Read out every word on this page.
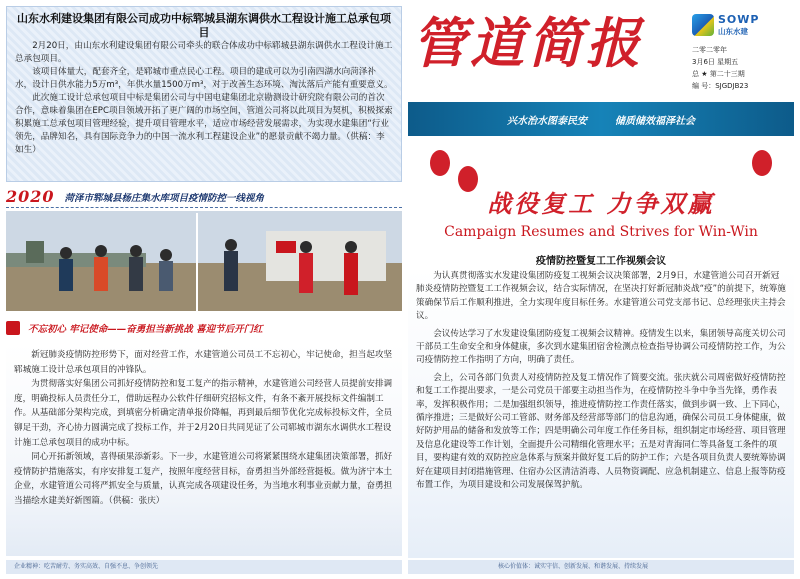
山东水利建设集团有限公司成功中标郓城县湖东调供水工程设计施工总承包项目

2月20日，由山东水利建设集团有限公司牵头的联合体成功中标郓城县湖东调供水工程设计施工总承包项目。

该项目体量大，配套齐全，是郓城市重点民心工程。项目的建成可以为引南四湖水向菏泽补水，设计日供水能力5万m³，年供水量1500万m³，对于改善生态环境、淘汰落后产能有重要意义。

此次施工设计总承包项目中标是集团公司与中国电建集团北京勘测设计研究院有限公司的首次合作，意味着集团在EPC项目领域开拓了更广阔的市场空间，管道公司将以此项目为契机，积极探索积累施工总承包项目管理经验，提升项目管理水平，适应市场经营发展需求，为实现水建集团“行业领先，品牌知名，具有国际竞争力的中国一流水利工程建设企业”的愿景贡献不竭力量。（供稿：李如生）

2020 菏泽市郓城县杨庄集水库项目疫情防控一线视角
不忘初心 牢记使命——奋勇担当新挑战 喜迎节后开门红

新冠肺炎疫情防控形势下，面对经营工作，水建管道公司员工不忘初心，牢记使命，担当起攻坚郓城施工设计总承包项目的冲锋队。

为贯彻落实好集团公司抓好疫情防控和复工复产的指示精神，水建管道公司经营人员提前安排调度，明确投标人员责任分工，借助远程办公软件仔细研究招标文件，有条不紊开展投标文件编制工作。从基础部分架构完成，到填密分析确定清单报价降幅，再到最后细节优化完成标投标文件，全员铆足干劲，齐心协力圆满完成了投标工作，并于2月20日共同见证了公司郓城市湖东水调供水工程设计施工总承包项目的成功中标。

同心开拓新领域，喜得硕果添新彩。下一步，水建管道公司将紧紧围绕水建集团决策部署，抓好疫情防护措施落实，有序安排复工复产，按照年度经营目标，奋勇担当外部经营挺板。做为济宁本土企业，水建管道公司将严抓安全与质量，认真完成各项建设任务，为当地水利事业贡献力量，奋勇担当描绘水建美好新图篇。（供稿：张庆）

企业精神：吃苦耐劳、务实高效、自强不息、争创领先
管道简报	SOWP
山东水建
二零二零年
3月6日 星期五
总 ★ 第二十三期
编 号：SJGDJB23
兴水治水图泰民安	储质储效福泽社会
战役复工 力争双赢
Campaign Resumes and Strives for Win-Win
疫情防控暨复工工作视频会议

为认真贯彻落实水发建设集团防疫复工视频会议决策部署，2月9日，水建管道公司召开新冠肺炎疫情防控暨复工工作视频会议，结合实际情况，在坚决打好新冠肺炎战“疫”的前提下，统筹施策确保节后工作顺利推进，全力实现年度目标任务。水建管道公司党支部书记、总经理张庆主持会议。

会议传达学习了水发建设集团防疫复工视频会议精神。疫情发生以来，集团领导高度关切公司干部员工生命安全和身体健康，多次到水建集团宿舍检测点检查指导协调公司疫情防控工作，为公司疫情防控工作指明了方向，明确了责任。

会上，公司各部门负责人对疫情防控及复工情况作了简要交流。张庆就公司周密做好疫情防控和复工工作提出要求，一是公司党员干部要主动担当作为，在疫情防控斗争中争当先锋，勇作表率，发挥积极作用；二是加强组织领导，推进疫情防控工作责任落实，做到步调一致、上下同心，循序推进；三是做好公司工管部、财务部及经营部等部门的信息沟通，确保公司员工身体健康，做好防护用品的储备和发放等工作；四是明确公司年度工作任务目标，组织制定市场经营、项目管理及信息化建设等工作计划，全面提升公司精细化管理水平；五是对青海同仁等具备复工条件的项目，要构建有效的双防控应急体系与预案并做好复工后的防护工作；六是各项目负责人要统筹协调好在建项目封闭措施管理、住宿办公区清洁消毒、人员物资调配、应急机制建立、信息上报等防疫布置工作，为项目建设和公司发展保驾护航。

核心价值体：诚实守信、创新发展、和谐发展、持续发展
